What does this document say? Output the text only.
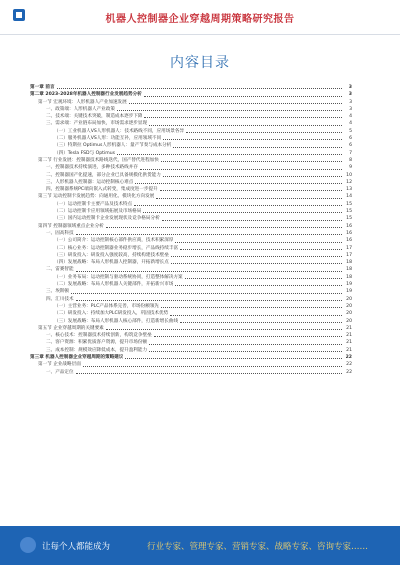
机器人控制器企业穿越周期策略研究报告
内容目录
第一章 前言	3
第二章 2023-2028年机器人控制器行业发展趋势分析	3
第一节 宏观环境：人形机器人产业加速发展	3
一、政策端：人形机器人产业政策	3
二、技术端：关键技术突破，制造成本逐步下降	4
三、需求端：产业链布局加快，市场需求逐步显现	4
（一）工业机器人VS人形机器人：技术路线不同，应用场景各异	5
（二）服务机器人VS人形：功能互补，应用领域不同	6
（三）特斯拉 Optimus人形机器人：量产节奏与成本分析	6
（四）Tesla FSD与 Optimus	7
第二节 行业发展：控制器技术路线迭代，国产替代进程加快	8
一、控制器技术持续演进，多种技术路线并存	9
二、控制器国产化提速，部分企业已具备规模化供货能力	10
三、人形机器人控制器：运动控制核心难点	12
四、控制器系统PC端向嵌入式转变，集成度进一步提升	13
第三节 运动控制卡发展趋势：向通用化、模块化方向发展	14
（一）运动控制卡主要产品及技术特点	15
（二）运动控制卡应用领域拓展及市场格局	15
（三）国内运动控制卡企业发展现状及竞争格局分析	15
第四节 控制器领域重点企业分析	16
一、固高科技	16
（一）公司简介：运动控制核心部件供应商，技术积累深厚	16
（二）核心业务：运动控制器业务稳步增长，产品线持续丰富	17
（三）研发投入：研发投入强度较高，持续构建技术壁垒	17
（四）发展战略：布局人形机器人控制器，开拓新增长点	18
二、雷赛智能	18
（一）业务布局：运动控制与驱动系统协同，打造整体解决方案	18
（二）发展战略：布局人形机器人关键部件，开拓新兴市场	19
三、埃斯顿	19
四、汇川技术	20
（一）主营业务：PLC产品体系完善，市场份额领先	20
（二）研发投入：持续加大PLC研发投入，巩固技术优势	20
（三）发展战略：布局人形机器人核心部件，打造新增长曲线	20
第五节 企业穿越周期的关键要素	21
一、核心技术：控制器技术持续创新，构筑竞争壁垒	21
二、客户资源：积累优质客户资源，提升市场份额	21
三、成本控制：规模效应降低成本，提升盈利能力	21
第三章 机器人控制器企业穿越周期的策略建议	22
第一节 企业战略层面	22
一、产品定位	22
让每个人都能成为	行业专家、管理专家、营销专家、战略专家、咨询专家……
